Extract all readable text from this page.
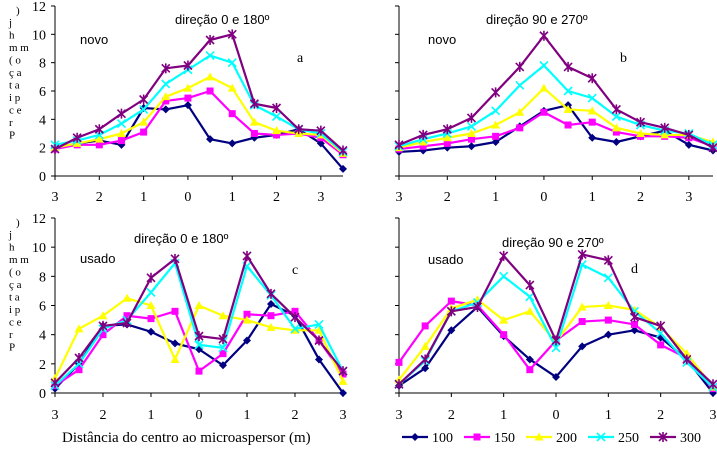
0
2
4
6
8
10
12
3	2	1	0	1	2	3
direção 0 e 180º
novo
a
3	2	1	0	1	2	3
direção 90 e 270º
novo
b
0
2
4
6
8
10
12
3	2	1	0	1	2	3
direção 0 e 180º
usado
c
3	2	1	0	1	2	3
direção 90 e 270º
usado
d
)
j
h
m m
( o
ç a
t a
i p
c e
r
P
)
j
h
m m
( o
ç a
t a
i p
c e
r
P
Distância do centro ao microaspersor (m)	100	150	200	250	300
